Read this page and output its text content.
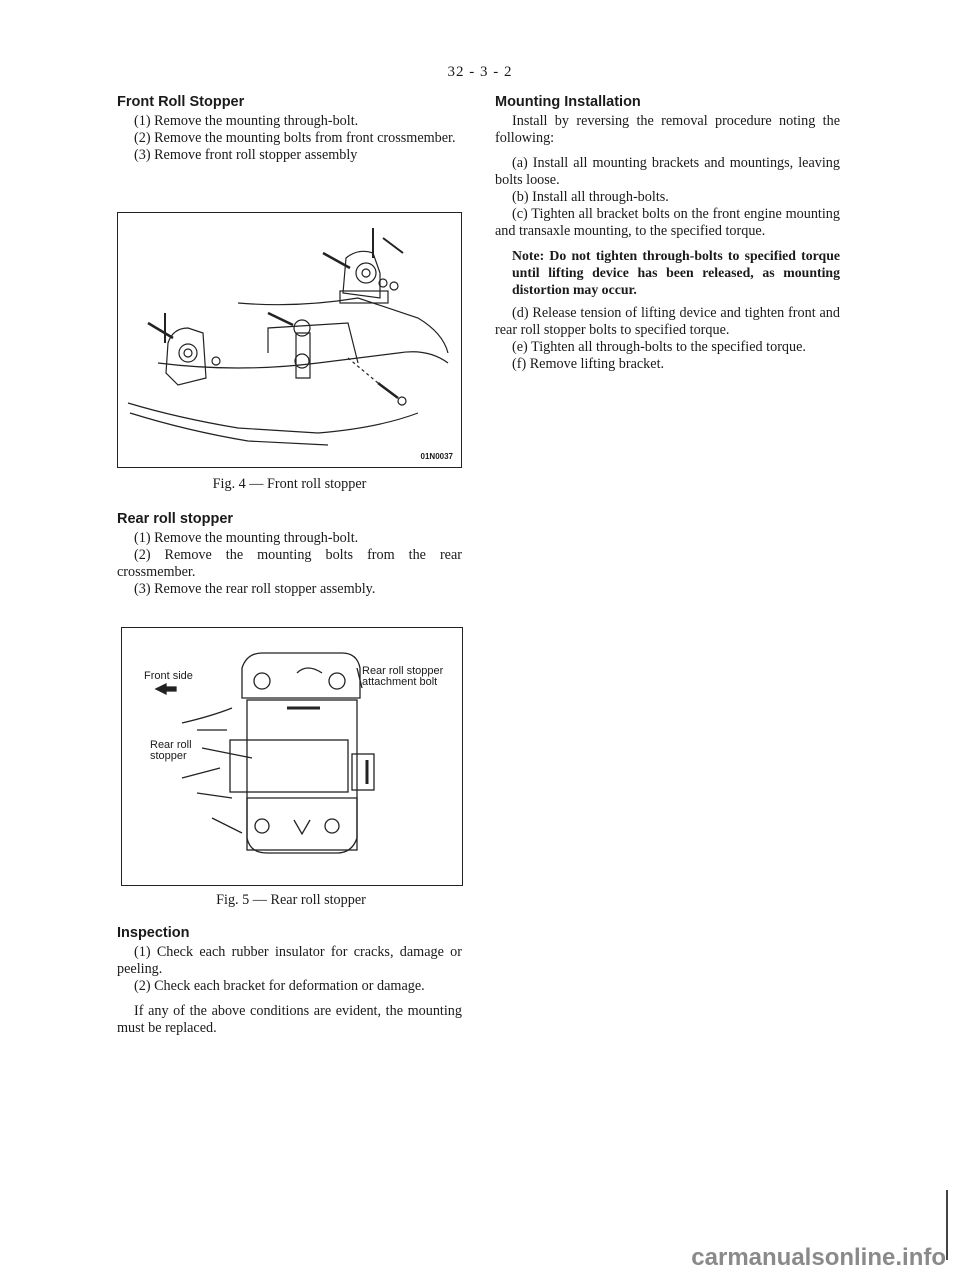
32 - 3 - 2
Front Roll Stopper

(1) Remove the mounting through-bolt.

(2) Remove the mounting bolts from front crossmember.

(3) Remove front roll stopper assembly

01N0037
Fig. 4 — Front roll stopper
Rear roll stopper

(1) Remove the mounting through-bolt.

(2) Remove the mounting bolts from the rear crossmember.

(3) Remove the rear roll stopper assembly.

Front side	Rear roll stopper attachment bolt
Rear roll stopper
Fig. 5 — Rear roll stopper
Inspection

(1) Check each rubber insulator for cracks, damage or peeling.

(2) Check each bracket for deformation or damage.

If any of the above conditions are evident, the mounting must be replaced.

Mounting Installation

Install by reversing the removal procedure noting the following:

(a) Install all mounting brackets and mountings, leaving bolts loose.

(b) Install all through-bolts.

(c) Tighten all bracket bolts on the front engine mounting and transaxle mounting, to the specified torque.

Note: Do not tighten through-bolts to specified torque until lifting device has been released, as mounting distortion may occur.

(d) Release tension of lifting device and tighten front and rear roll stopper bolts to specified torque.

(e) Tighten all through-bolts to the specified torque.

(f) Remove lifting bracket.

carmanualsonline.info
